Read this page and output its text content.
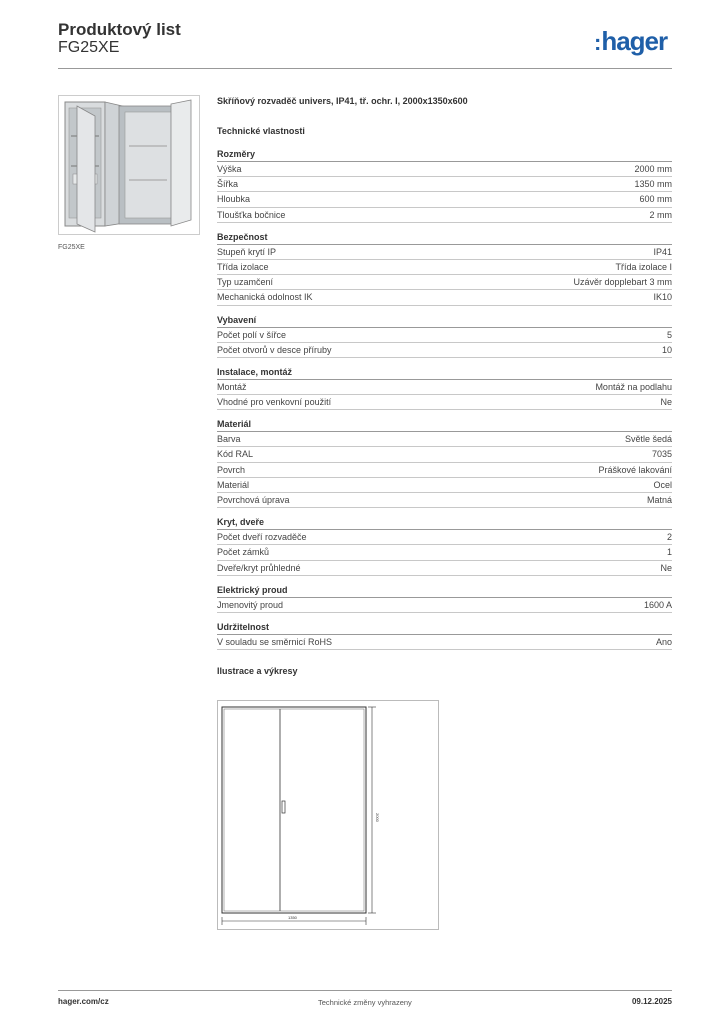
Produktový list
FG25XE	:hager
FG25XE
Skříňový rozvaděč univers, IP41, tř. ochr. I, 2000x1350x600
Technické vlastnosti
Rozměry
Výška	2000 mm
Šířka	1350 mm
Hloubka	600 mm
Tloušťka bočnice	2 mm
Bezpečnost
Stupeň krytí IP	IP41
Třída izolace	Třída izolace I
Typ uzamčení	Uzávěr dopplebart 3 mm
Mechanická odolnost IK	IK10
Vybavení
Počet polí v šířce	5
Počet otvorů v desce příruby	10
Instalace, montáž
Montáž	Montáž na podlahu
Vhodné pro venkovní použití	Ne
Materiál
Barva	Světle šedá
Kód RAL	7035
Povrch	Práškové lakování
Materiál	Ocel
Povrchová úprava	Matná
Kryt, dveře
Počet dveří rozvaděče	2
Počet zámků	1
Dveře/kryt průhledné	Ne
Elektrický proud
Jmenovitý proud	1600 A
Udržitelnost
V souladu se směrnicí RoHS	Ano
Ilustrace a výkresy
2000
1350
hager.com/cz	Technické změny vyhrazeny	09.12.2025
